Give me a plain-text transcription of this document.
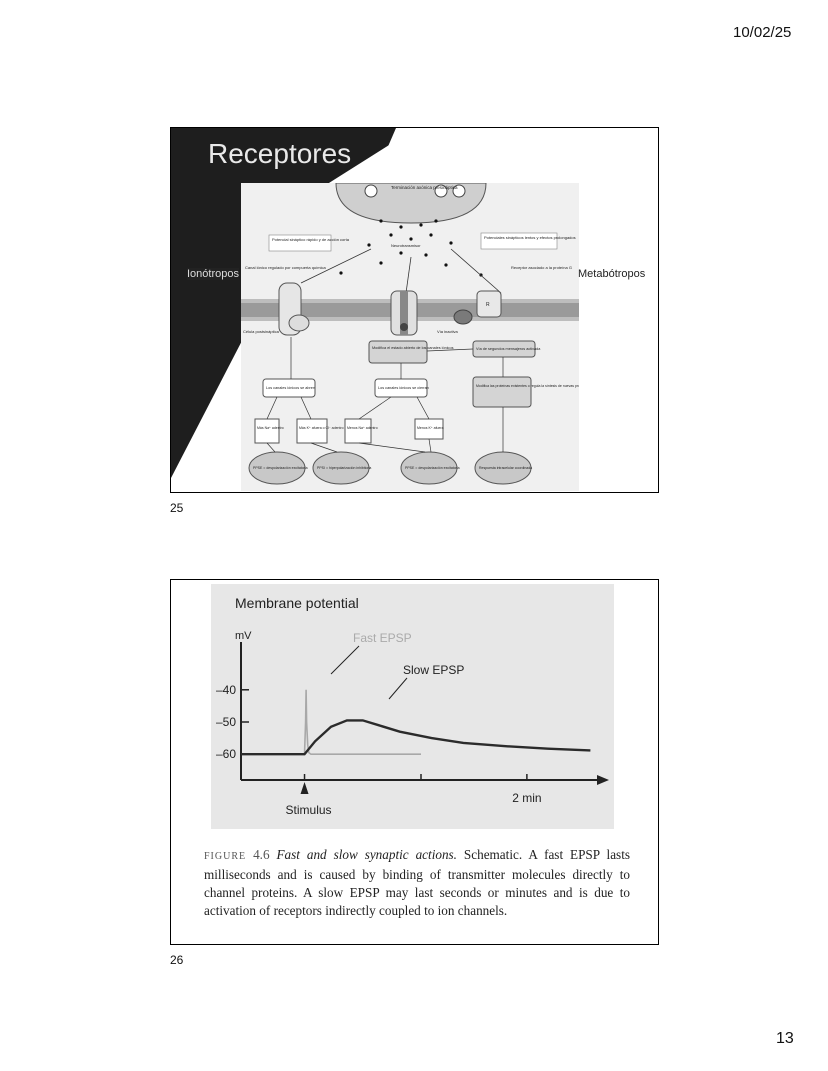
10/02/25
13
Receptores
Ionótropos	Metabótropos
Terminación axónica presináptica
Potencial sináptico rápido y de acción corta	Potenciales sinápticos lentos y efectos prolongados
Neurotransmisor
Canal iónico regulado por compuerta química	Receptor asociado a la proteína G
R
Célula postsináptica	Vía inactiva
Modifica el estado abierto de los canales iónicos	Vía de segundos mensajeros activada
Los canales iónicos se abren	Los canales iónicos se cierran	Modifica las proteínas existentes o regula la síntesis de nuevas proteínas
Más Na⁺ adentro	Más K⁺ afuera o Cl⁻ adentro Menos Na⁺ adentro	Menos K⁺ afuera
PPSE = despolarización excitatoria	PPSI = hiperpolarización inhibitoria	PPSE = despolarización excitatoria	Respuesta intracelular coordinada
25
Membrane potential
mV
–40
–50
–60
2 min
Stimulus
Fast EPSP
Slow EPSP
FIGURE 4.6 Fast and slow synaptic actions. Schematic. A fast EPSP lasts milliseconds and is caused by binding of transmitter molecules directly to channel proteins. A slow EPSP may last seconds or minutes and is due to activation of receptors indirectly coupled to ion channels.
26
